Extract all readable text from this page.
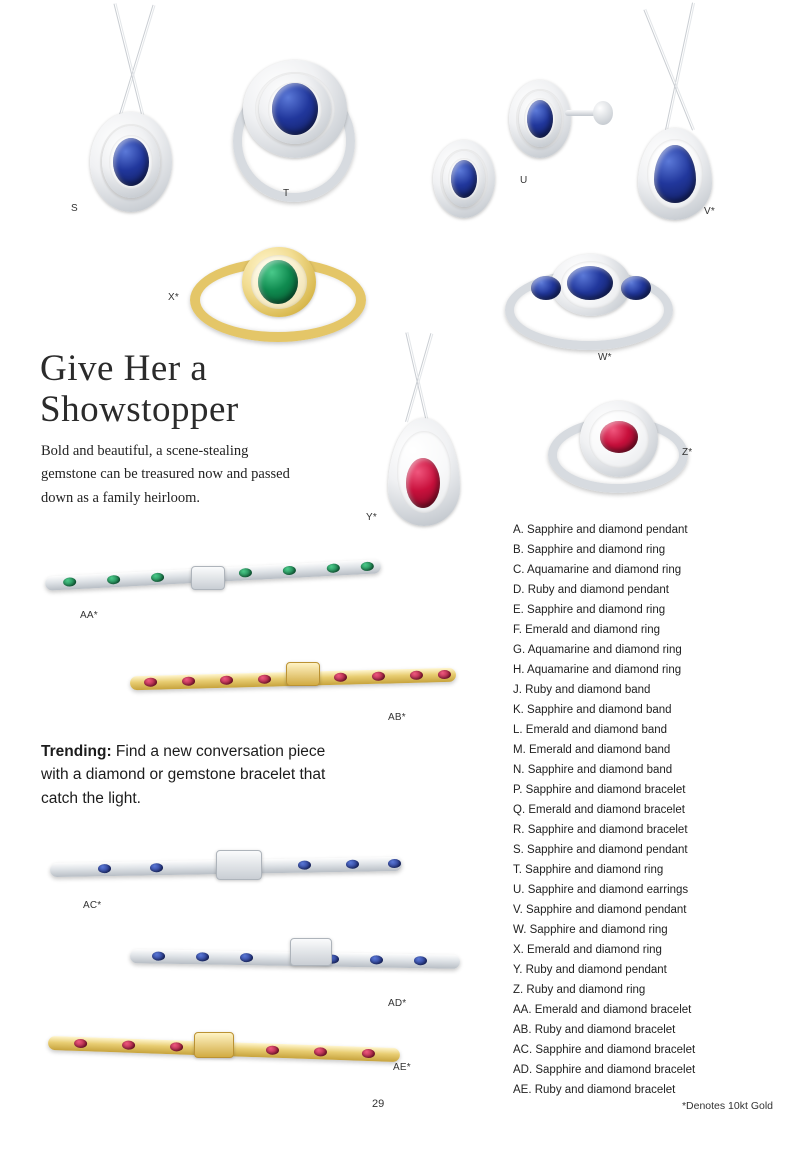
S
T
U
V*
X*
W*
Y*
Z*
Give Her a
Showstopper
Bold and beautiful, a scene-stealing gemstone can be treasured now and passed down as a family heirloom.
AA*
AB*
Trending: Find a new conversation piece with a diamond or gemstone bracelet that catch the light.
AC*
AD*
AE*
A. Sapphire and diamond pendant
B. Sapphire and diamond ring
C. Aquamarine and diamond ring
D. Ruby and diamond pendant
E. Sapphire and diamond ring
F. Emerald and diamond ring
G. Aquamarine and diamond ring
H. Aquamarine and diamond ring
J. Ruby and diamond band
K. Sapphire and diamond band
L. Emerald and diamond band
M. Emerald and diamond band
N. Sapphire and diamond band
P. Sapphire and diamond bracelet
Q. Emerald and diamond bracelet
R. Sapphire and diamond bracelet
S. Sapphire and diamond pendant
T. Sapphire and diamond ring
U. Sapphire and diamond earrings
V. Sapphire and diamond pendant
W. Sapphire and diamond ring
X. Emerald and diamond ring
Y. Ruby and diamond pendant
Z. Ruby and diamond ring
AA. Emerald and diamond bracelet
AB. Ruby and diamond bracelet
AC. Sapphire and diamond bracelet
AD. Sapphire and diamond bracelet
AE. Ruby and diamond bracelet
*Denotes 10kt Gold
29
